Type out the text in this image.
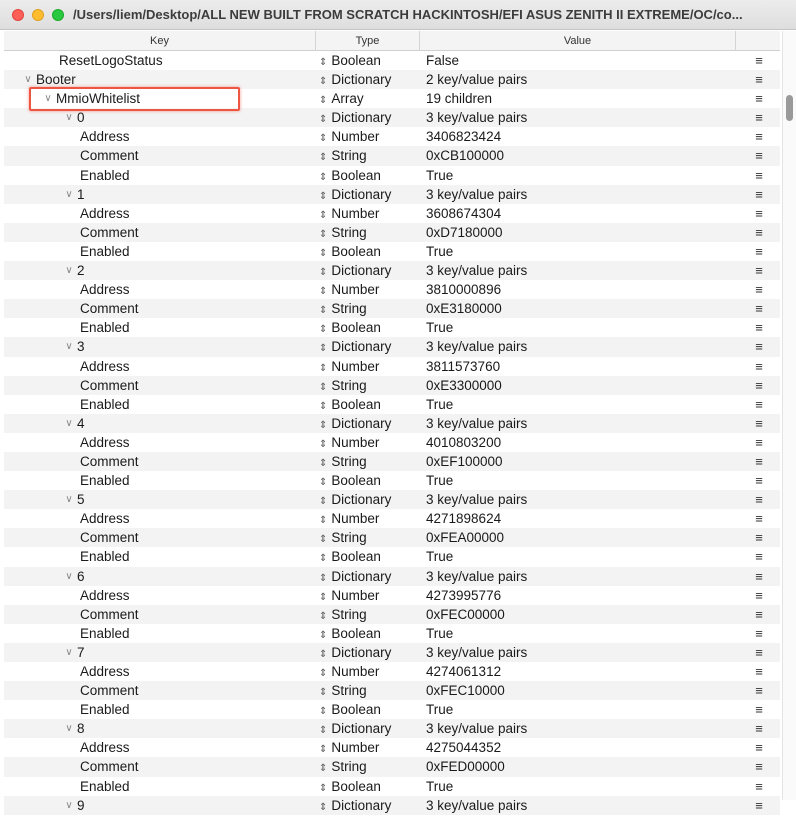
/Users/liem/Desktop/ALL NEW BUILT FROM SCRATCH HACKINTOSH/EFI ASUS ZENITH II EXTREME/OC/co...
Key	Type	Value
ResetLogoStatus	⇕ Boolean	False	≡
∨ Booter	⇕ Dictionary	2 key/value pairs	≡
∨ MmioWhitelist	⇕ Array	19 children	≡
∨ 0	⇕ Dictionary	3 key/value pairs	≡
Address	⇕ Number	3406823424	≡
Comment	⇕ String	0xCB100000	≡
Enabled	⇕ Boolean	True	≡
∨ 1	⇕ Dictionary	3 key/value pairs	≡
Address	⇕ Number	3608674304	≡
Comment	⇕ String	0xD7180000	≡
Enabled	⇕ Boolean	True	≡
∨ 2	⇕ Dictionary	3 key/value pairs	≡
Address	⇕ Number	3810000896	≡
Comment	⇕ String	0xE3180000	≡
Enabled	⇕ Boolean	True	≡
∨ 3	⇕ Dictionary	3 key/value pairs	≡
Address	⇕ Number	3811573760	≡
Comment	⇕ String	0xE3300000	≡
Enabled	⇕ Boolean	True	≡
∨ 4	⇕ Dictionary	3 key/value pairs	≡
Address	⇕ Number	4010803200	≡
Comment	⇕ String	0xEF100000	≡
Enabled	⇕ Boolean	True	≡
∨ 5	⇕ Dictionary	3 key/value pairs	≡
Address	⇕ Number	4271898624	≡
Comment	⇕ String	0xFEA00000	≡
Enabled	⇕ Boolean	True	≡
∨ 6	⇕ Dictionary	3 key/value pairs	≡
Address	⇕ Number	4273995776	≡
Comment	⇕ String	0xFEC00000	≡
Enabled	⇕ Boolean	True	≡
∨ 7	⇕ Dictionary	3 key/value pairs	≡
Address	⇕ Number	4274061312	≡
Comment	⇕ String	0xFEC10000	≡
Enabled	⇕ Boolean	True	≡
∨ 8	⇕ Dictionary	3 key/value pairs	≡
Address	⇕ Number	4275044352	≡
Comment	⇕ String	0xFED00000	≡
Enabled	⇕ Boolean	True	≡
∨ 9	⇕ Dictionary	3 key/value pairs	≡
